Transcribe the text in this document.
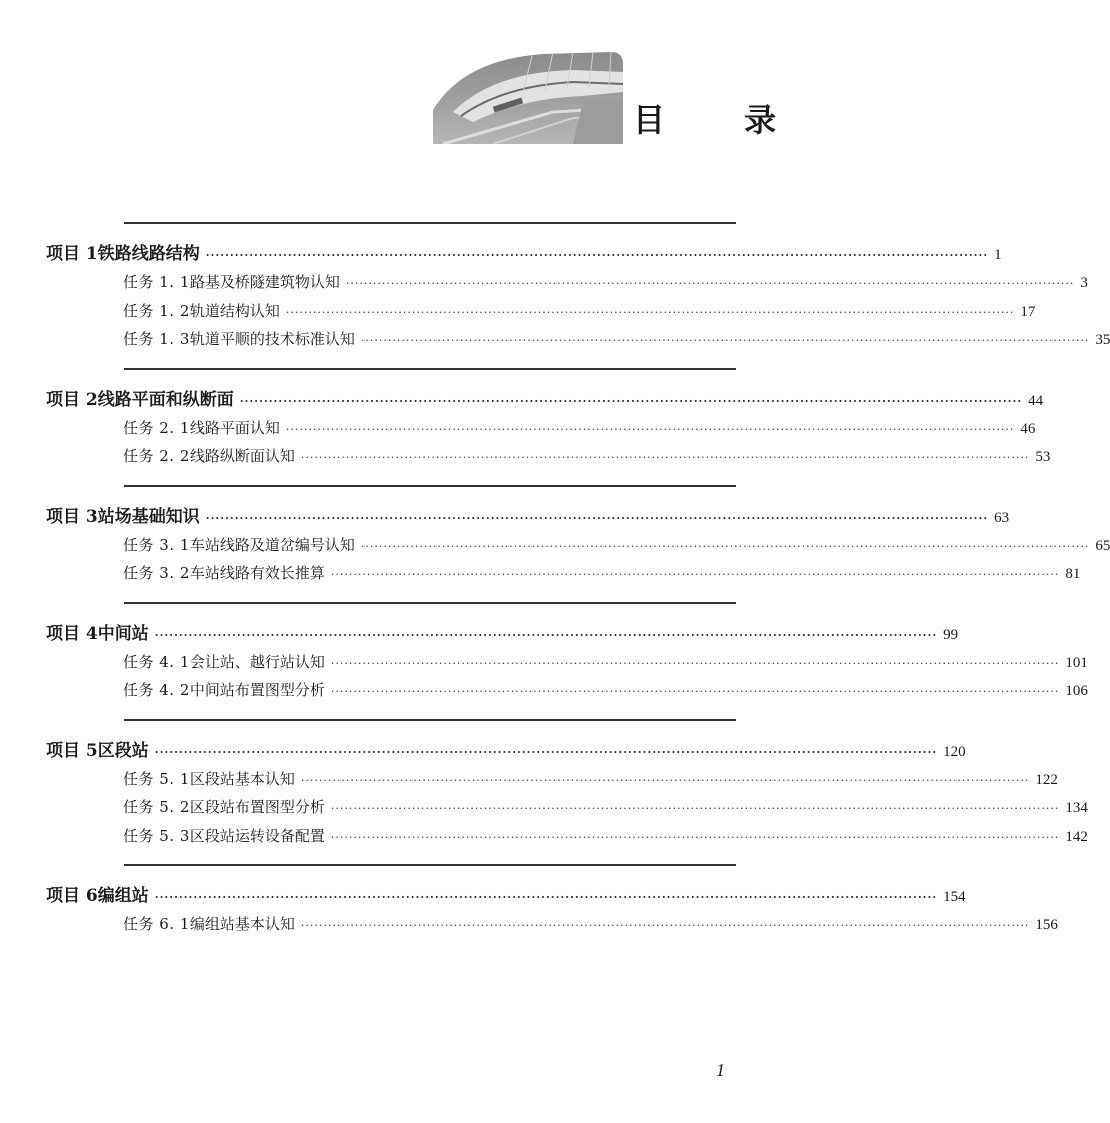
目 录
项目 1 铁路线路结构 ·····	1
任务 1. 1 路基及桥隧建筑物认知 ·····	3
任务 1. 2 轨道结构认知 ·····	17
任务 1. 3 轨道平顺的技术标准认知 ·····	35
项目 2 线路平面和纵断面 ·····	44
任务 2. 1 线路平面认知 ·····	46
任务 2. 2 线路纵断面认知 ·····	53
项目 3 站场基础知识 ·····	63
任务 3. 1 车站线路及道岔编号认知 ·····	65
任务 3. 2 车站线路有效长推算 ·····	81
项目 4 中间站 ·····	99
任务 4. 1 会让站、越行站认知 ·····	101
任务 4. 2 中间站布置图型分析 ·····	106
项目 5 区段站 ·····	120
任务 5. 1 区段站基本认知 ·····	122
任务 5. 2 区段站布置图型分析 ·····	134
任务 5. 3 区段站运转设备配置 ·····	142
项目 6 编组站 ·····	154
任务 6. 1 编组站基本认知 ·····	156
1
